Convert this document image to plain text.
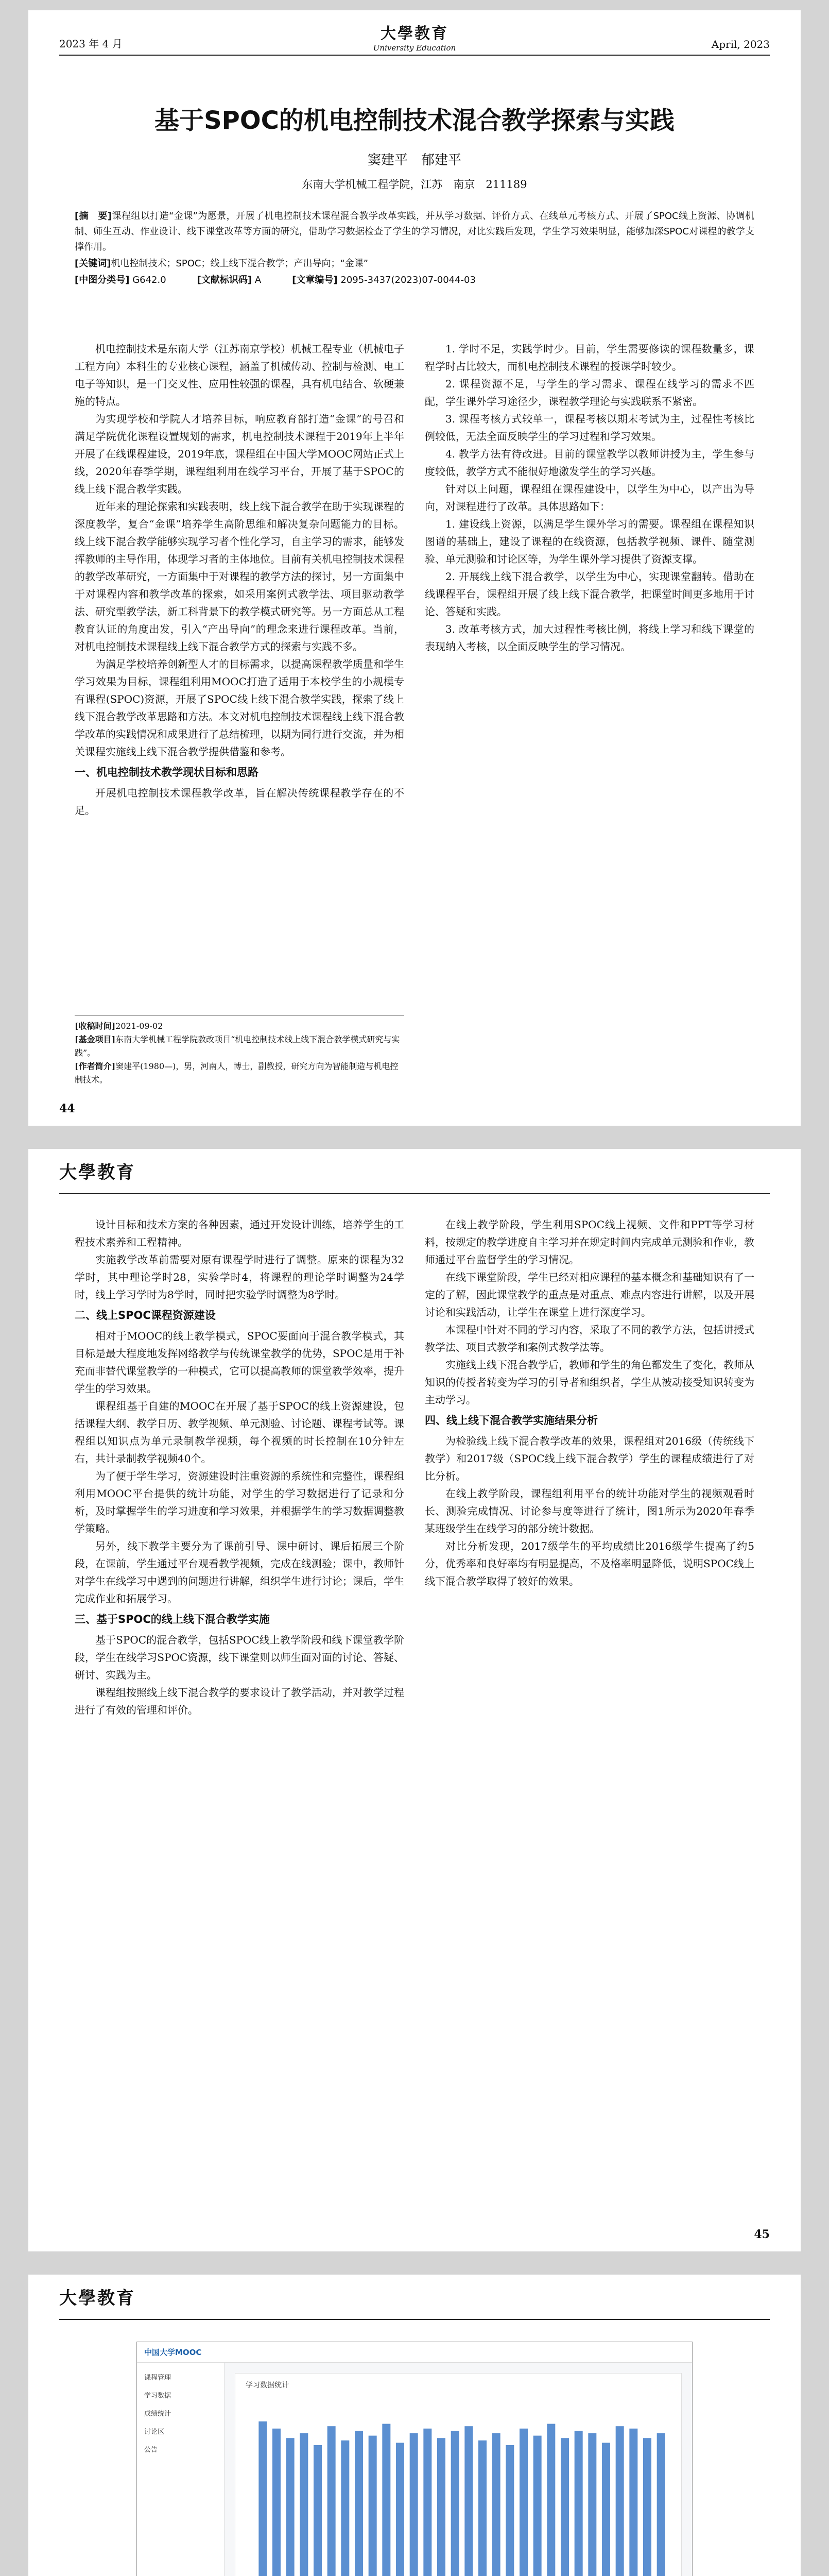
2023 年 4 月
大學教育
University Education	April, 2023
基于SPOC的机电控制技术混合教学探索与实践
窦建平　郁建平
东南大学机械工程学院，江苏　南京　211189

[摘　要]课程组以打造“金课”为愿景，开展了机电控制技术课程混合教学改革实践，并从学习数据、评价方式、在线单元考核方式、开展了SPOC线上资源、协调机制、师生互动、作业设计、线下课堂改革等方面的研究，借助学习数据检查了学生的学习情况，对比实践后发现，学生学习效果明显，能够加深SPOC对课程的教学支撑作用。

[关键词]机电控制技术；SPOC；线上线下混合教学；产出导向；“金课”

[中图分类号] G642.0	[文献标识码] A	[文章编号] 2095-3437(2023)07-0044-03

机电控制技术是东南大学（江苏南京学校）机械工程专业（机械电子工程方向）本科生的专业核心课程，涵盖了机械传动、控制与检测、电工电子等知识，是一门交叉性、应用性较强的课程，具有机电结合、软硬兼施的特点。

为实现学校和学院人才培养目标，响应教育部打造“金课”的号召和满足学院优化课程设置规划的需求，机电控制技术课程于2019年上半年开展了在线课程建设，2019年底，课程组在中国大学MOOC网站正式上线，2020年春季学期，课程组利用在线学习平台，开展了基于SPOC的线上线下混合教学实践。

近年来的理论探索和实践表明，线上线下混合教学在助于实现课程的深度教学，复合“金课”培养学生高阶思维和解决复杂问题能力的目标。线上线下混合教学能够实现学习者个性化学习，自主学习的需求，能够发挥教师的主导作用，体现学习者的主体地位。目前有关机电控制技术课程的教学改革研究，一方面集中于对课程的教学方法的探讨，另一方面集中于对课程内容和教学改革的探索，如采用案例式教学法、项目驱动教学法、研究型教学法，新工科背景下的教学模式研究等。另一方面总从工程教育认证的角度出发，引入“产出导向”的理念来进行课程改革。当前，对机电控制技术课程线上线下混合教学方式的探索与实践不多。

为满足学校培养创新型人才的目标需求，以提高课程教学质量和学生学习效果为目标，课程组利用MOOC打造了适用于本校学生的小规模专有课程(SPOC)资源，开展了SPOC线上线下混合教学实践，探索了线上线下混合教学改革思路和方法。本文对机电控制技术课程线上线下混合教学改革的实践情况和成果进行了总结梳理，以期为同行进行交流，并为相关课程实施线上线下混合教学提供借鉴和参考。

一、机电控制技术教学现状目标和思路

开展机电控制技术课程教学改革，旨在解决传统课程教学存在的不足。

1. 学时不足，实践学时少。目前，学生需要修读的课程数量多，课程学时占比较大，而机电控制技术课程的授课学时较少。

2. 课程资源不足，与学生的学习需求、课程在线学习的需求不匹配，学生课外学习途径少，课程教学理论与实践联系不紧密。

3. 课程考核方式较单一，课程考核以期末考试为主，过程性考核比例较低，无法全面反映学生的学习过程和学习效果。

4. 教学方法有待改进。目前的课堂教学以教师讲授为主，学生参与度较低，教学方式不能很好地激发学生的学习兴趣。

针对以上问题，课程组在课程建设中，以学生为中心，以产出为导向，对课程进行了改革。具体思路如下：

1. 建设线上资源，以满足学生课外学习的需要。课程组在课程知识图谱的基础上，建设了课程的在线资源，包括教学视频、课件、随堂测验、单元测验和讨论区等，为学生课外学习提供了资源支撑。

2. 开展线上线下混合教学，以学生为中心，实现课堂翻转。借助在线课程平台，课程组开展了线上线下混合教学，把课堂时间更多地用于讨论、答疑和实践。

3. 改革考核方式，加大过程性考核比例，将线上学习和线下课堂的表现纳入考核，以全面反映学生的学习情况。

[收稿时间]2021-09-02
[基金项目]东南大学机械工程学院教改项目“机电控制技术线上线下混合教学模式研究与实践”。
[作者简介]窦建平(1980—)，男，河南人，博士，副教授，研究方向为智能制造与机电控制技术。
44
大學教育

设计目标和技术方案的各种因素，通过开发设计训练，培养学生的工程技术素养和工程精神。

实施教学改革前需要对原有课程学时进行了调整。原来的课程为32学时，其中理论学时28，实验学时4，将课程的理论学时调整为24学时，线上学习学时为8学时，同时把实验学时调整为8学时。

二、线上SPOC课程资源建设

相对于MOOC的线上教学模式，SPOC要面向于混合教学模式，其目标是最大程度地发挥网络教学与传统课堂教学的优势，SPOC是用于补充而非替代课堂教学的一种模式，它可以提高教师的课堂教学效率，提升学生的学习效果。

课程组基于自建的MOOC在开展了基于SPOC的线上资源建设，包括课程大纲、教学日历、教学视频、单元测验、讨论题、课程考试等。课程组以知识点为单元录制教学视频，每个视频的时长控制在10分钟左右，共计录制教学视频40个。

为了便于学生学习，资源建设时注重资源的系统性和完整性，课程组利用MOOC平台提供的统计功能，对学生的学习数据进行了记录和分析，及时掌握学生的学习进度和学习效果，并根据学生的学习数据调整教学策略。

另外，线下教学主要分为了课前引导、课中研讨、课后拓展三个阶段，在课前，学生通过平台观看教学视频，完成在线测验；课中，教师针对学生在线学习中遇到的问题进行讲解，组织学生进行讨论；课后，学生完成作业和拓展学习。

三、基于SPOC的线上线下混合教学实施

基于SPOC的混合教学，包括SPOC线上教学阶段和线下课堂教学阶段，学生在线学习SPOC资源，线下课堂则以师生面对面的讨论、答疑、研讨、实践为主。

课程组按照线上线下混合教学的要求设计了教学活动，并对教学过程进行了有效的管理和评价。

在线上教学阶段，学生利用SPOC线上视频、文件和PPT等学习材料，按规定的教学进度自主学习并在规定时间内完成单元测验和作业，教师通过平台监督学生的学习情况。

在线下课堂阶段，学生已经对相应课程的基本概念和基础知识有了一定的了解，因此课堂教学的重点是对重点、难点内容进行讲解，以及开展讨论和实践活动，让学生在课堂上进行深度学习。

本课程中针对不同的学习内容，采取了不同的教学方法，包括讲授式教学法、项目式教学和案例式教学法等。

实施线上线下混合教学后，教师和学生的角色都发生了变化，教师从知识的传授者转变为学习的引导者和组织者，学生从被动接受知识转变为主动学习。

四、线上线下混合教学实施结果分析

为检验线上线下混合教学改革的效果，课程组对2016级（传统线下教学）和2017级（SPOC线上线下混合教学）学生的课程成绩进行了对比分析。

在线上教学阶段，课程组利用平台的统计功能对学生的视频观看时长、测验完成情况、讨论参与度等进行了统计，图1所示为2020年春季某班级学生在线学习的部分统计数据。

对比分析发现，2017级学生的平均成绩比2016级学生提高了约5分，优秀率和良好率均有明显提高，不及格率明显降低，说明SPOC线上线下混合教学取得了较好的效果。

45
大學教育
中国大学MOOC
课程管理
学习数据
成绩统计
讨论区
公告
学习数据统计
